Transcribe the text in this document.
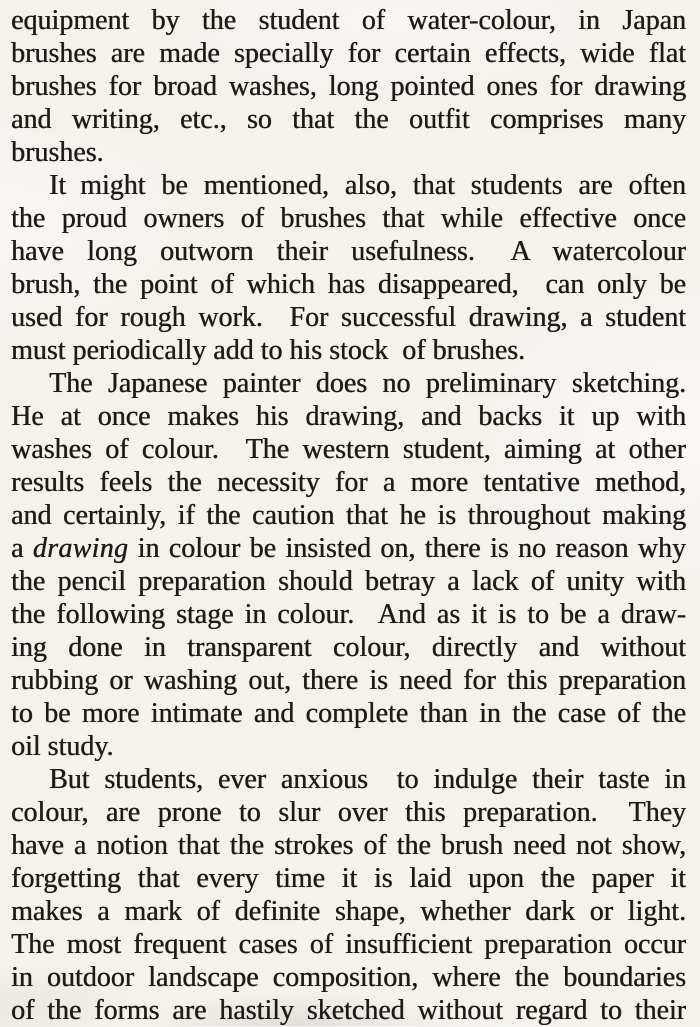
equipment by the student of water-colour, in Japan
brushes are made specially for certain effects, wide flat
brushes for broad washes, long pointed ones for drawing
and writing, etc., so that the outfit comprises many
brushes.
It might be mentioned, also, that students are often
the proud owners of brushes that while effective once
have long outworn their usefulness.  A watercolour
brush, the point of which has disappeared,  can only be
used for rough work.  For successful drawing, a student
must periodically add to his stock of brushes.
The Japanese painter does no preliminary sketching.
He at once makes his drawing, and backs it up with
washes of colour.  The western student, aiming at other
results feels the necessity for a more tentative method,
and certainly, if the caution that he is throughout making
a drawing in colour be insisted on, there is no reason why
the pencil preparation should betray a lack of unity with
the following stage in colour.  And as it is to be a draw-
ing done in transparent colour, directly and without
rubbing or washing out, there is need for this preparation
to be more intimate and complete than in the case of the
oil study.
But students, ever anxious  to indulge their taste in
colour, are prone to slur over this preparation.  They
have a notion that the strokes of the brush need not show,
forgetting that every time it is laid upon the paper it
makes a mark of definite shape, whether dark or light.
The most frequent cases of insufficient preparation occur
in outdoor landscape composition, where the boundaries
of the forms are hastily sketched without regard to their
